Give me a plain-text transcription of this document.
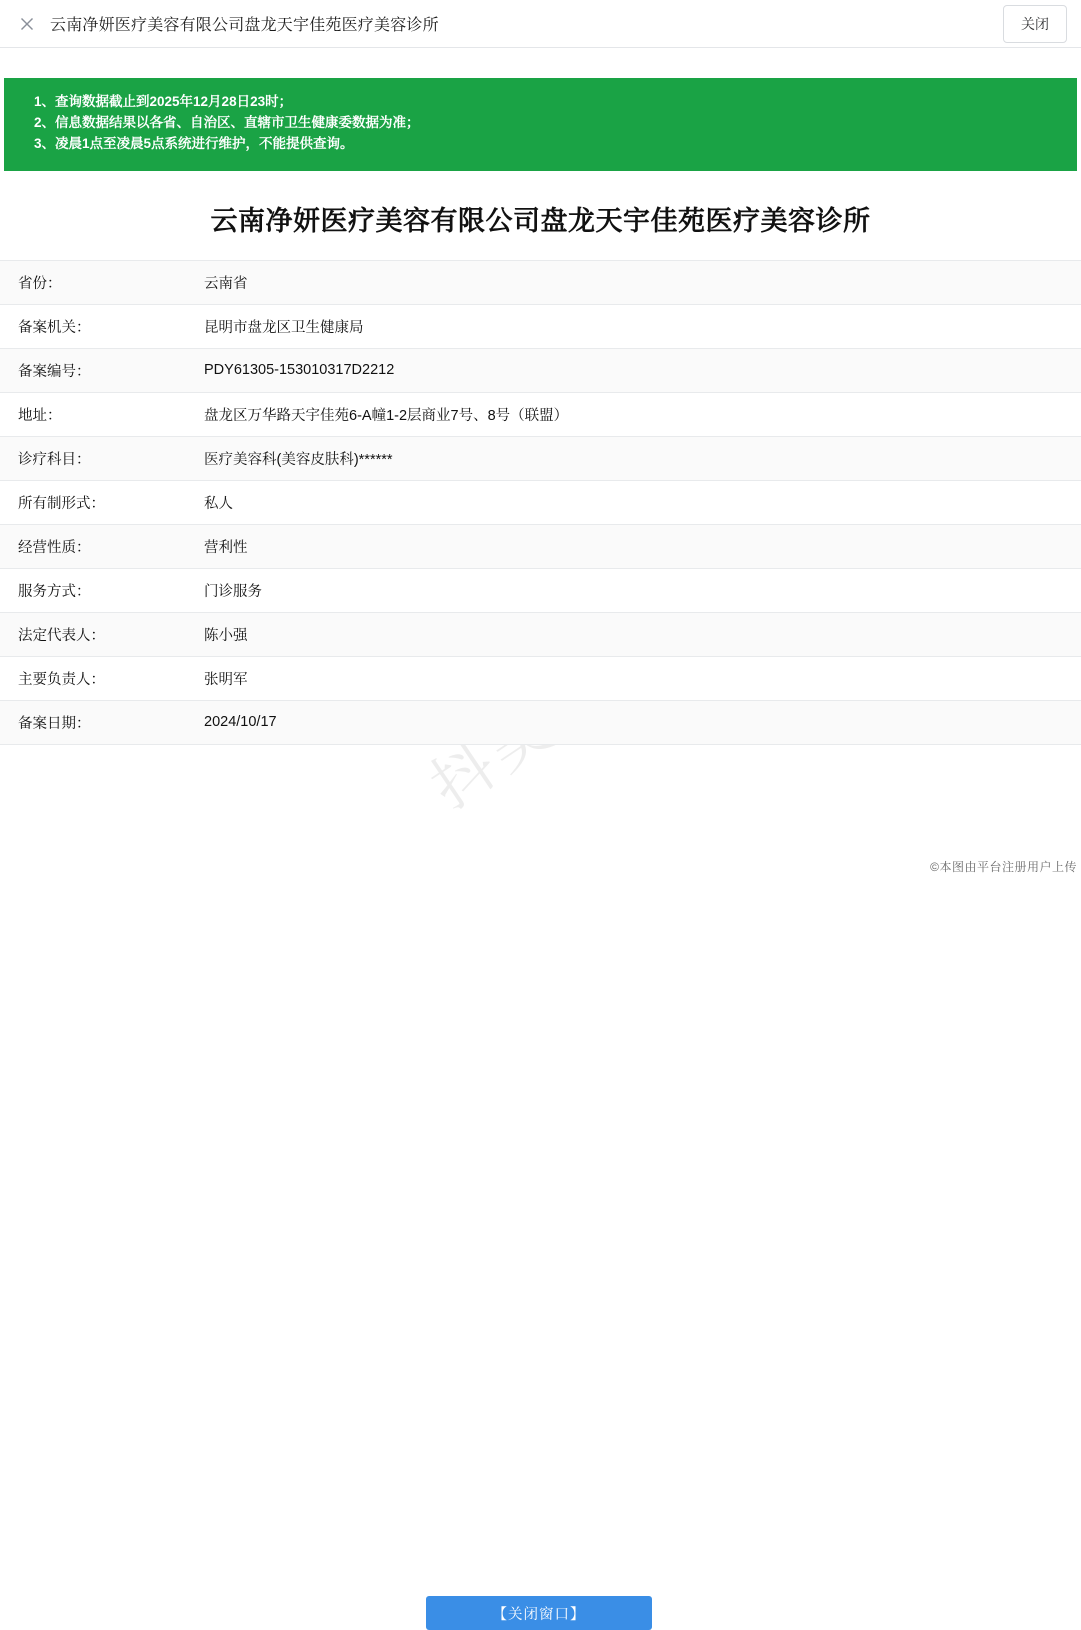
云南净妍医疗美容有限公司盘龙天宇佳苑医疗美容诊所	关闭
1、查询数据截止到2025年12月28日23时；
2、信息数据结果以各省、自治区、直辖市卫生健康委数据为准；
3、凌晨1点至凌晨5点系统进行维护，不能提供查询。
云南净妍医疗美容有限公司盘龙天宇佳苑医疗美容诊所
省份：	云南省
备案机关：	昆明市盘龙区卫生健康局
备案编号：	PDY61305-153010317D2212
地址：	盘龙区万华路天宇佳苑6-A幢1-2层商业7号、8号（联盟）
诊疗科目：	医疗美容科(美容皮肤科)******
所有制形式：	私人
经营性质：	营利性
服务方式：	门诊服务
法定代表人：	陈小强
主要负责人：	张明军
备案日期：	2024/10/17
【关闭窗口】
©本图由平台注册用户上传
